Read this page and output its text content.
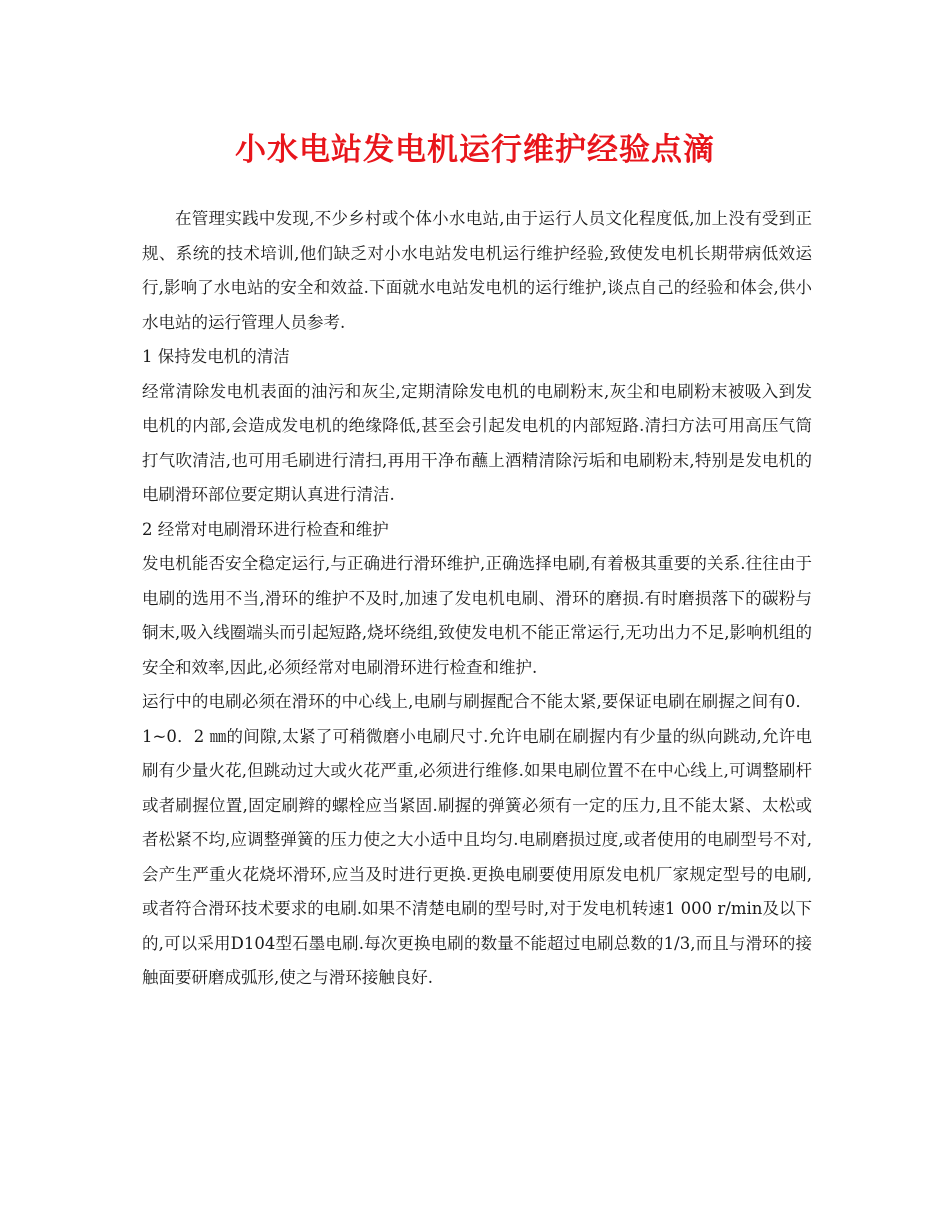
小水电站发电机运行维护经验点滴

在管理实践中发现,不少乡村或个体小水电站,由于运行人员文化程度低,加上没有受到正规、系统的技术培训,他们缺乏对小水电站发电机运行维护经验,致使发电机长期带病低效运行,影响了水电站的安全和效益.下面就水电站发电机的运行维护,谈点自己的经验和体会,供小水电站的运行管理人员参考.

1 保持发电机的清洁

经常清除发电机表面的油污和灰尘,定期清除发电机的电刷粉末,灰尘和电刷粉末被吸入到发电机的内部,会造成发电机的绝缘降低,甚至会引起发电机的内部短路.清扫方法可用高压气筒打气吹清洁,也可用毛刷进行清扫,再用干净布蘸上酒精清除污垢和电刷粉末,特别是发电机的电刷滑环部位要定期认真进行清洁.

2 经常对电刷滑环进行检查和维护

发电机能否安全稳定运行,与正确进行滑环维护,正确选择电刷,有着极其重要的关系.往往由于电刷的选用不当,滑环的维护不及时,加速了发电机电刷、滑环的磨损.有时磨损落下的碳粉与铜末,吸入线圈端头而引起短路,烧坏绕组,致使发电机不能正常运行,无功出力不足,影响机组的安全和效率,因此,必须经常对电刷滑环进行检查和维护.

运行中的电刷必须在滑环的中心线上,电刷与刷握配合不能太紧,要保证电刷在刷握之间有0．1~0．2 ㎜的间隙,太紧了可稍微磨小电刷尺寸.允许电刷在刷握内有少量的纵向跳动,允许电刷有少量火花,但跳动过大或火花严重,必须进行维修.如果电刷位置不在中心线上,可调整刷杆或者刷握位置,固定刷辫的螺栓应当紧固.刷握的弹簧必须有一定的压力,且不能太紧、太松或者松紧不均,应调整弹簧的压力使之大小适中且均匀.电刷磨损过度,或者使用的电刷型号不对,会产生严重火花烧坏滑环,应当及时进行更换.更换电刷要使用原发电机厂家规定型号的电刷,或者符合滑环技术要求的电刷.如果不清楚电刷的型号时,对于发电机转速1 000 r/min及以下的,可以采用D104型石墨电刷.每次更换电刷的数量不能超过电刷总数的1/3,而且与滑环的接触面要研磨成弧形,使之与滑环接触良好.
